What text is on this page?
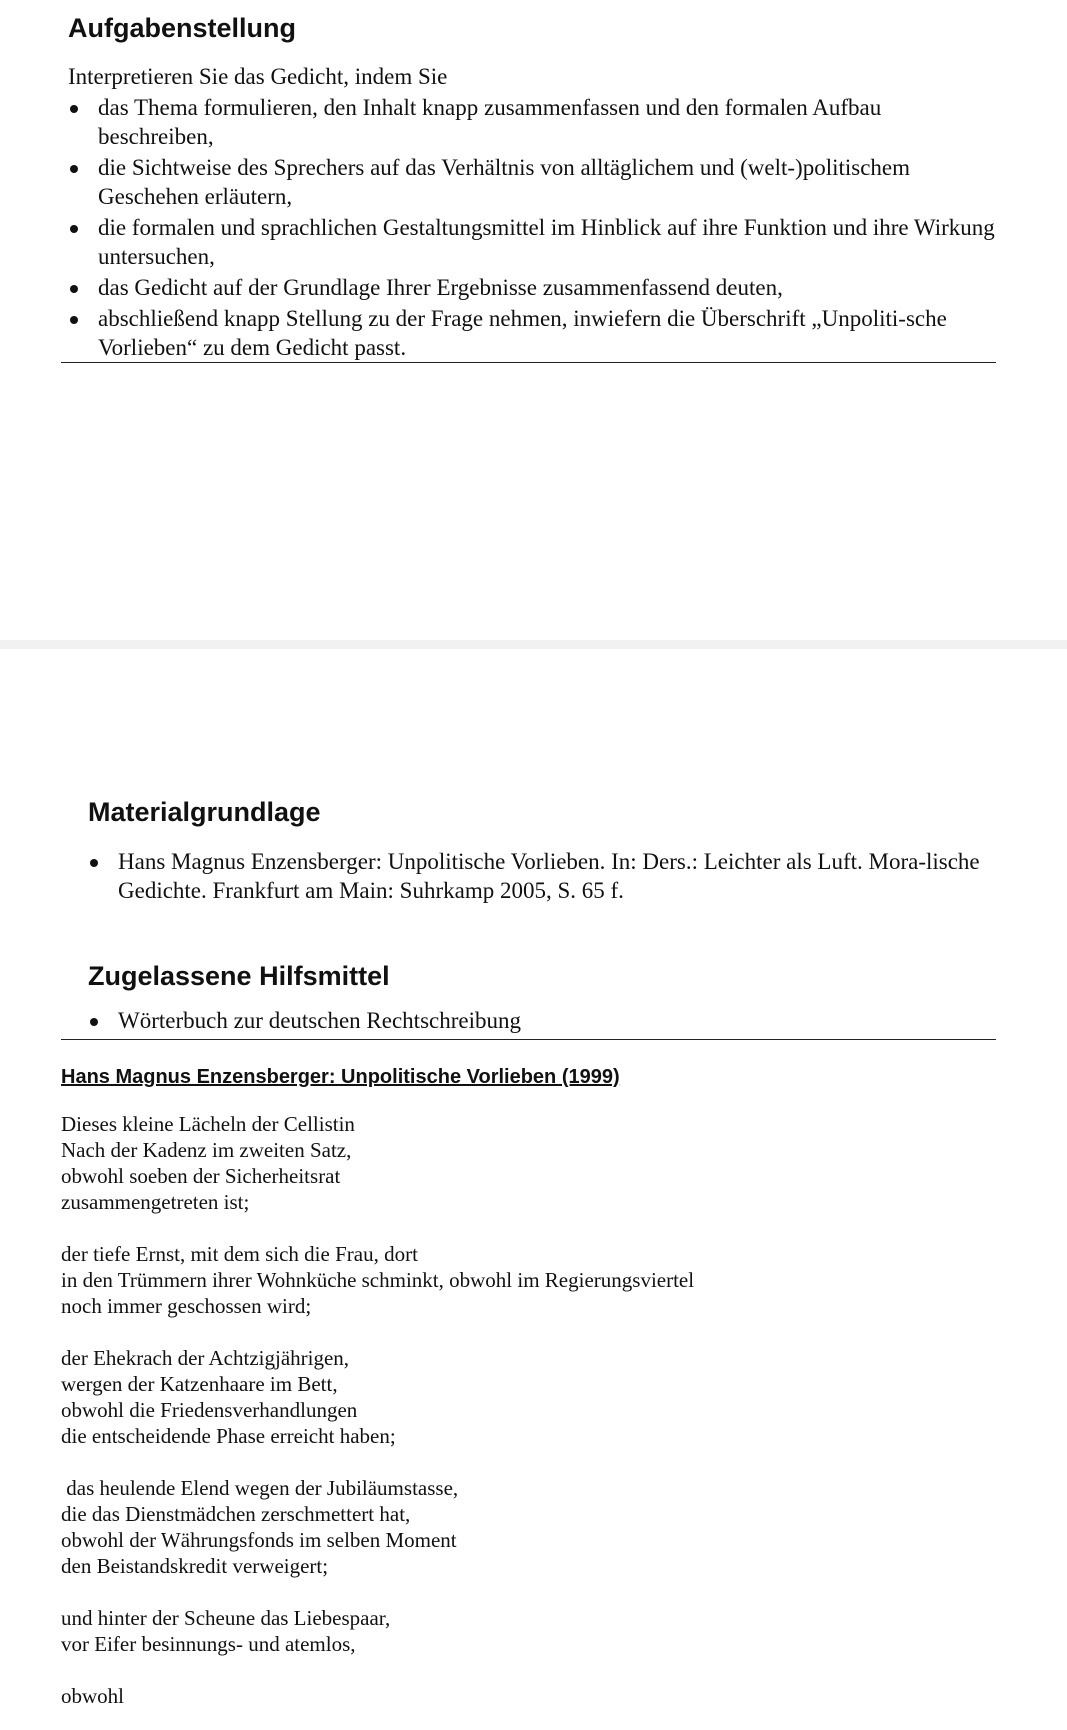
Aufgabenstellung
Interpretieren Sie das Gedicht, indem Sie
das Thema formulieren, den Inhalt knapp zusammenfassen und den formalen Aufbau beschreiben,
die Sichtweise des Sprechers auf das Verhältnis von alltäglichem und (welt-)politischem Geschehen erläutern,
die formalen und sprachlichen Gestaltungsmittel im Hinblick auf ihre Funktion und ihre Wirkung untersuchen,
das Gedicht auf der Grundlage Ihrer Ergebnisse zusammenfassend deuten,
abschließend knapp Stellung zu der Frage nehmen, inwiefern die Überschrift „Unpoliti-sche Vorlieben“ zu dem Gedicht passt.
Materialgrundlage
Hans Magnus Enzensberger: Unpolitische Vorlieben. In: Ders.: Leichter als Luft. Mora-lische Gedichte. Frankfurt am Main: Suhrkamp 2005, S. 65 f.
Zugelassene Hilfsmittel
Wörterbuch zur deutschen Rechtschreibung
Hans Magnus Enzensberger: Unpolitische Vorlieben (1999)
Dieses kleine Lächeln der Cellistin
Nach der Kadenz im zweiten Satz,
obwohl soeben der Sicherheitsrat
zusammengetreten ist;
der tiefe Ernst, mit dem sich die Frau, dort
in den Trümmern ihrer Wohnküche schminkt, obwohl im Regierungsviertel
noch immer geschossen wird;
der Ehekrach der Achtzigjährigen,
wergen der Katzenhaare im Bett,
obwohl die Friedensverhandlungen
die entscheidende Phase erreicht haben;
das heulende Elend wegen der Jubiläumstasse,
die das Dienstmädchen zerschmettert hat,
obwohl der Währungsfonds im selben Moment
den Beistandskredit verweigert;
und hinter der Scheune das Liebespaar,
vor Eifer besinnungs- und atemlos,
obwohl
